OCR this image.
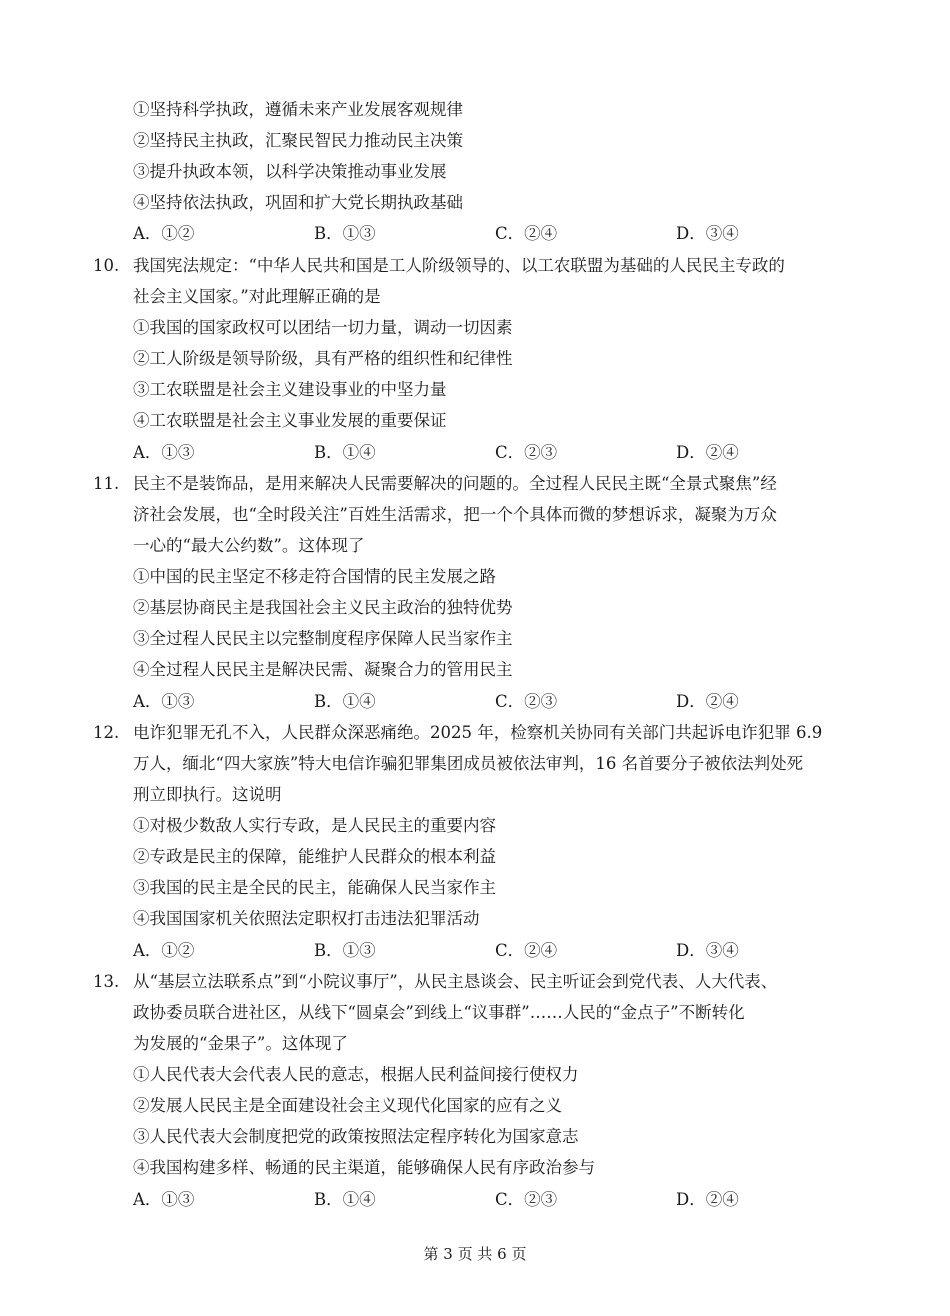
①坚持科学执政，遵循未来产业发展客观规律
②坚持民主执政，汇聚民智民力推动民主决策
③提升执政本领，以科学决策推动事业发展
④坚持依法执政，巩固和扩大党长期执政基础
A．①②	B．①③	C．②④	D．③④
10. 我国宪法规定：“中华人民共和国是工人阶级领导的、以工农联盟为基础的人民民主专政的
社会主义国家。”对此理解正确的是
①我国的国家政权可以团结一切力量，调动一切因素
②工人阶级是领导阶级，具有严格的组织性和纪律性
③工农联盟是社会主义建设事业的中坚力量
④工农联盟是社会主义事业发展的重要保证
A．①③	B．①④	C．②③	D．②④
11. 民主不是装饰品，是用来解决人民需要解决的问题的。全过程人民民主既“全景式聚焦”经
济社会发展，也“全时段关注”百姓生活需求，把一个个具体而微的梦想诉求，凝聚为万众
一心的“最大公约数”。这体现了
①中国的民主坚定不移走符合国情的民主发展之路
②基层协商民主是我国社会主义民主政治的独特优势
③全过程人民民主以完整制度程序保障人民当家作主
④全过程人民民主是解决民需、凝聚合力的管用民主
A．①③	B．①④	C．②③	D．②④
12. 电诈犯罪无孔不入，人民群众深恶痛绝。2025 年，检察机关协同有关部门共起诉电诈犯罪 6.9
万人，缅北“四大家族”特大电信诈骗犯罪集团成员被依法审判，16 名首要分子被依法判处死
刑立即执行。这说明
①对极少数敌人实行专政，是人民民主的重要内容
②专政是民主的保障，能维护人民群众的根本利益
③我国的民主是全民的民主，能确保人民当家作主
④我国国家机关依照法定职权打击违法犯罪活动
A．①②	B．①③	C．②④	D．③④
13. 从“基层立法联系点”到“小院议事厅”，从民主恳谈会、民主听证会到党代表、人大代表、
政协委员联合进社区，从线下“圆桌会”到线上“议事群”……人民的“金点子”不断转化
为发展的“金果子”。这体现了
①人民代表大会代表人民的意志，根据人民利益间接行使权力
②发展人民民主是全面建设社会主义现代化国家的应有之义
③人民代表大会制度把党的政策按照法定程序转化为国家意志
④我国构建多样、畅通的民主渠道，能够确保人民有序政治参与
A．①③	B．①④	C．②③	D．②④
第 3 页 共 6 页
